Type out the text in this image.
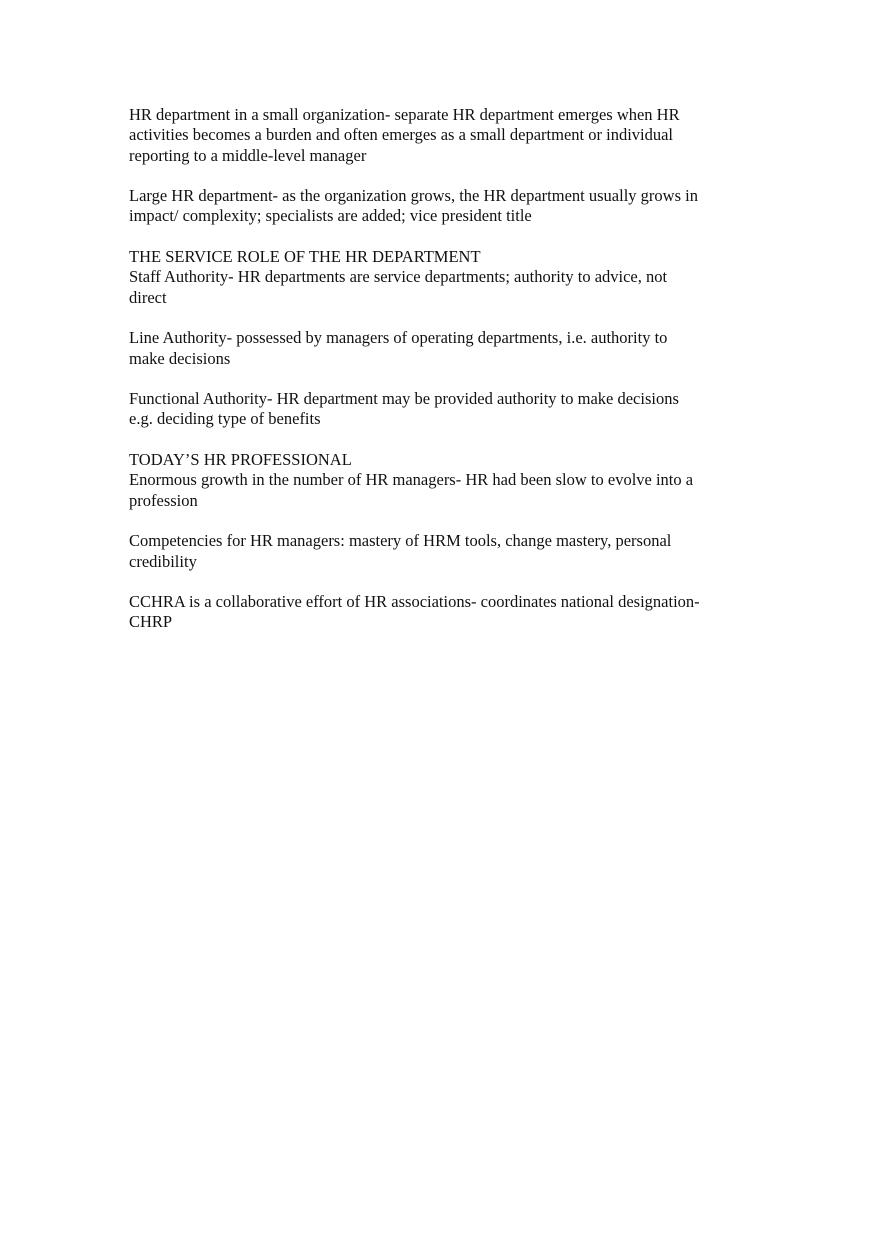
HR department in a small organization- separate HR department emerges when HR
activities becomes a burden and often emerges as a small department or individual
reporting to a middle-level manager

Large HR department- as the organization grows, the HR department usually grows in
impact/ complexity; specialists are added; vice president title

THE SERVICE ROLE OF THE HR DEPARTMENT

Staff Authority- HR departments are service departments; authority to advice, not
direct

Line Authority- possessed by managers of operating departments, i.e. authority to
make decisions

Functional Authority- HR department may be provided authority to make decisions
e.g. deciding type of benefits

TODAY’S HR PROFESSIONAL

Enormous growth in the number of HR managers- HR had been slow to evolve into a
profession

Competencies for HR managers: mastery of HRM tools, change mastery, personal
credibility

CCHRA is a collaborative effort of HR associations- coordinates national designation-
CHRP
